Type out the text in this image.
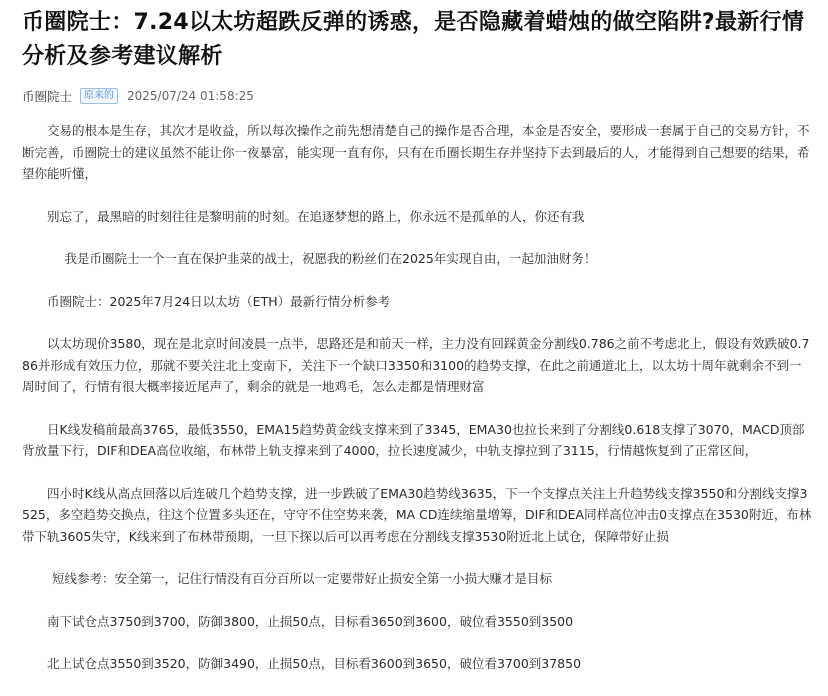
币圈院士：7.24以太坊超跌反弹的诱惑，是否隐藏着蜡烛的做空陷阱?最新行情分析及参考建议解析
币圈院士	原来的	2025/07/24 01:58:25

交易的根本是生存，其次才是收益，所以每次操作之前先想清楚自己的操作是否合理，本金是否安全，要形成一套属于自己的交易方针，不断完善，币圈院士的建议虽然不能让你一夜暴富，能实现一直有你，只有在币圈长期生存并坚持下去到最后的人，才能得到自己想要的结果，希望你能听懂，

别忘了，最黑暗的时刻往往是黎明前的时刻。在追逐梦想的路上，你永远不是孤单的人，你还有我

我是币圈院士一个一直在保护韭菜的战士，祝愿我的粉丝们在2025年实现自由，一起加油财务！

币圈院士：2025年7月24日以太坊（ETH）最新行情分析参考

以太坊现价3580，现在是北京时间凌晨一点半，思路还是和前天一样，主力没有回踩黄金分割线0.786之前不考虑北上，假设有效跌破0.786并形成有效压力位，那就不要关注北上变南下，关注下一个缺口3350和3100的趋势支撑，在此之前通道北上，以太坊十周年就剩余不到一周时间了，行情有很大概率接近尾声了，剩余的就是一地鸡毛，怎么走都是情理财富

日K线发稿前最高3765，最低3550，EMA15趋势黄金线支撑来到了3345，EMA30也拉长来到了分割线0.618支撑了3070，MACD顶部背放量下行，DIF和DEA高位收缩，布林带上轨支撑来到了4000，拉长速度减少，中轨支撑拉到了3115，行情越恢复到了正常区间，

四小时K线从高点回落以后连破几个趋势支撑，进一步跌破了EMA30趋势线3635，下一个支撑点关注上升趋势线支撑3550和分割线支撑3525，多空趋势交换点，往这个位置多头还在，守守不住空势来袭，MA CD连续缩量增筹，DIF和DEA同样高位冲击0支撑点在3530附近，布林带下轨3605失守，K线来到了布林带预期，一旦下探以后可以再考虑在分割线支撑3530附近北上试仓，保障带好止损

短线参考：安全第一，记住行情没有百分百所以一定要带好止损安全第一小损大赚才是目标

南下试仓点3750到3700，防御3800，止损50点，目标看3650到3600，破位看3550到3500

北上试仓点3550到3520，防御3490，止损50点，目标看3600到3650，破位看3700到37850
